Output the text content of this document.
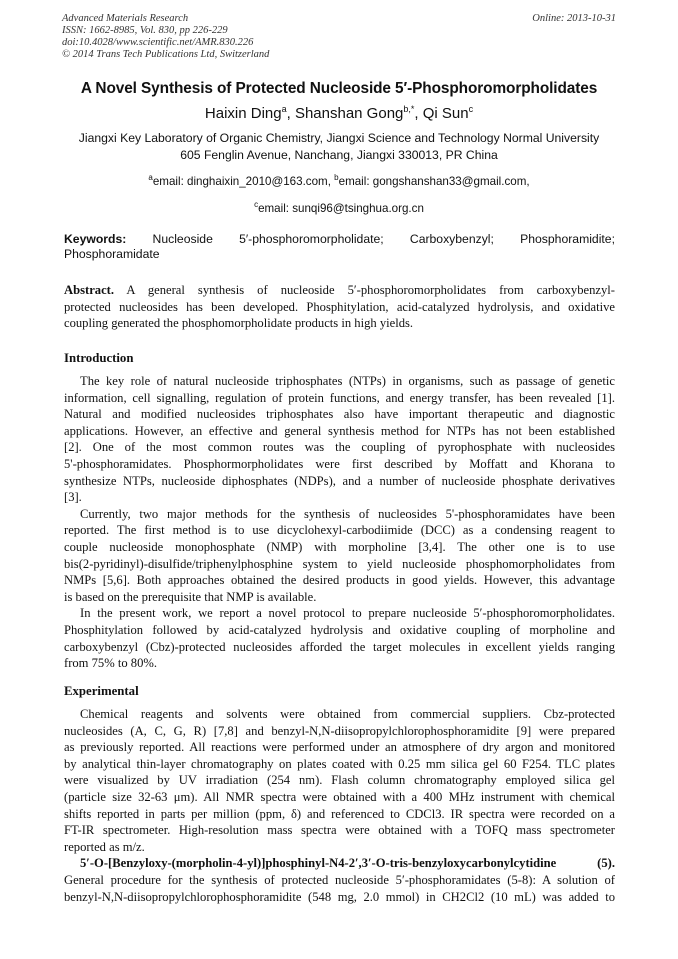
Advanced Materials Research
ISSN: 1662-8985, Vol. 830, pp 226-229
doi:10.4028/www.scientific.net/AMR.830.226
© 2014 Trans Tech Publications Ltd, Switzerland
Online: 2013-10-31
A Novel Synthesis of Protected Nucleoside 5′-Phosphoromorpholidates
Haixin Ding$^a$, Shanshan Gong$^{b,*}$, Qi Sun$^c$
Jiangxi Key Laboratory of Organic Chemistry, Jiangxi Science and Technology Normal University
605 Fenglin Avenue, Nanchang, Jiangxi 330013, PR China
$^a$email: dinghaixin_2010@163.com, $^b$email: gongshanshan33@gmail.com,
$^c$email: sunqi96@tsinghua.org.cn
Keywords: Nucleoside 5′-phosphoromorpholidate; Carboxybenzyl; Phosphoramidite;
Phosphoramidate
Abstract. A general synthesis of nucleoside 5′-phosphoromorpholidates from carboxybenzyl-
protected nucleosides has been developed. Phosphitylation, acid-catalyzed hydrolysis, and oxidative
coupling generated the phosphomorpholidate products in high yields.
Introduction
The key role of natural nucleoside triphosphates (NTPs) in organisms, such as passage of genetic
information, cell signalling, regulation of protein functions, and energy transfer, has been revealed [1].
Natural and modified nucleosides triphosphates also have important therapeutic and diagnostic
applications. However, an effective and general synthesis method for NTPs has not been established
[2]. One of the most common routes was the coupling of pyrophosphate with nucleosides
5'-phosphoramidates. Phosphormorpholidates were first described by Moffatt and Khorana to
synthesize NTPs, nucleoside diphosphates (NDPs), and a number of nucleoside phosphate derivatives
[3].
Currently, two major methods for the synthesis of nucleosides 5'-phosphoramidates have been
reported. The first method is to use dicyclohexyl-carbodiimide (DCC) as a condensing reagent to
couple nucleoside monophosphate (NMP) with morpholine [3,4]. The other one is to use
bis(2-pyridinyl)-disulfide/triphenylphosphine system to yield nucleoside phosphomorpholidates from
NMPs [5,6]. Both approaches obtained the desired products in good yields. However, this advantage
is based on the prerequisite that NMP is available.
In the present work, we report a novel protocol to prepare nucleoside 5′-phosphoromorpholidates.
Phosphitylation followed by acid-catalyzed hydrolysis and oxidative coupling of morpholine and
carboxybenzyl (Cbz)-protected nucleosides afforded the target molecules in excellent yields ranging
from 75% to 80%.
Experimental
Chemical reagents and solvents were obtained from commercial suppliers. Cbz-protected
nucleosides (A, C, G, R) [7,8] and benzyl-N,N-diisopropylchlorophosphoramidite [9] were prepared
as previously reported. All reactions were performed under an atmosphere of dry argon and monitored
by analytical thin-layer chromatography on plates coated with 0.25 mm silica gel 60 F254. TLC plates
were visualized by UV irradiation (254 nm). Flash column chromatography employed silica gel
(particle size 32-63 μm). All NMR spectra were obtained with a 400 MHz instrument with chemical
shifts reported in parts per million (ppm, δ) and referenced to CDCl3. IR spectra were recorded on a
FT-IR spectrometer. High-resolution mass spectra were obtained with a TOFQ mass spectrometer
reported as m/z.
5′-O-[Benzyloxy-(morpholin-4-yl)]phosphinyl-N4-2′,3′-O-tris-benzyloxycarbonylcytidine (5).
General procedure for the synthesis of protected nucleoside 5′-phosphoramidates (5-8): A solution of
benzyl-N,N-diisopropylchlorophosphoramidite (548 mg, 2.0 mmol) in CH2Cl2 (10 mL) was added to
